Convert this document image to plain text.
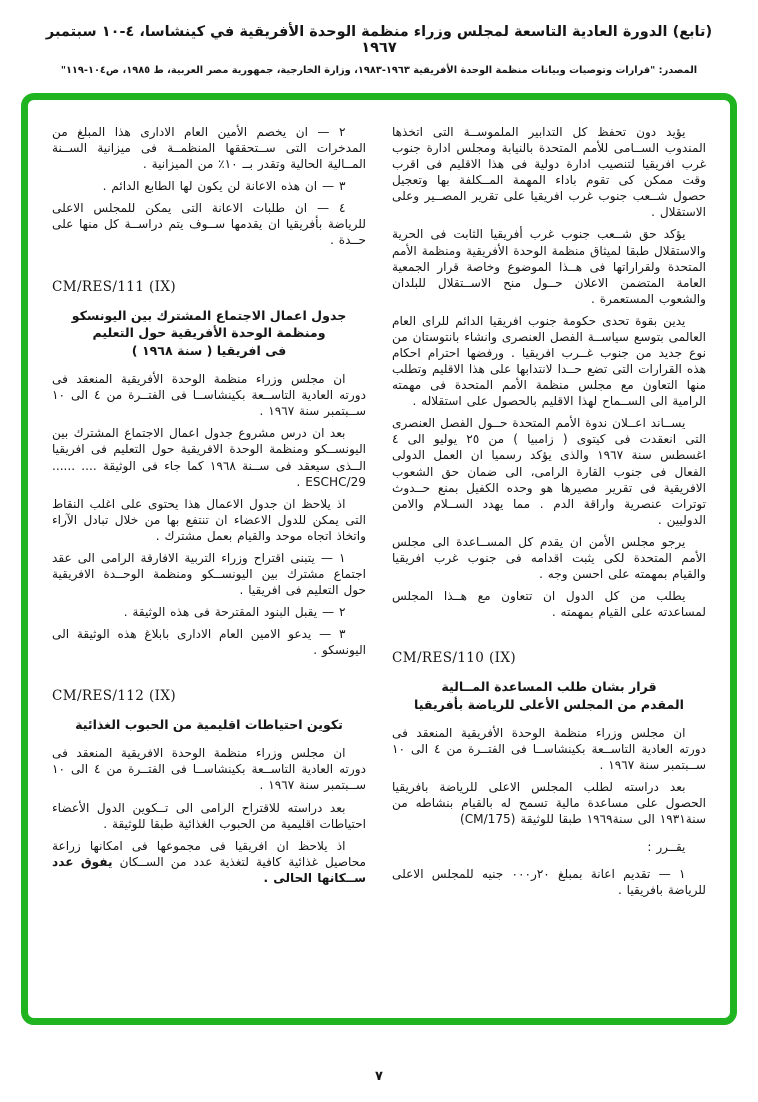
(تابع) الدورة العادية التاسعة لمجلس وزراء منظمة الوحدة الأفريقية في كينشاسا، ٤-١٠ سبتمبر ١٩٦٧
المصدر: "قرارات وتوصيات وبيانات منظمة الوحدة الأفريقية ١٩٦٣-١٩٨٣، وزارة الخارجية، جمهورية مصر العربية، ط ١٩٨٥، ص١٠٤-١١٩"

يؤيد دون تحفظ كل التدابير الملموســة التى اتخذها المندوب الســامى للأمم المتحدة بالنيابة ومجلس ادارة جنوب غرب افريقيا لتنصيب ادارة دولية فى هذا الاقليم فى اقرب وقت ممكن كى تقوم باداء المهمة المــكلفة بها وتعجيل حصول شــعب جنوب غرب افريقيا على تقرير المصــير وعلى الاستقلال .

يؤكد حق شــعب جنوب غرب أفريقيا الثابت فى الحرية والاستقلال طبقا لميثاق منظمة الوحدة الأفريقية ومنظمة الأمم المتحدة ولقراراتها فى هــذا الموضوع وخاصة قرار الجمعية العامة المتضمن الاعلان حــول منح الاســتقلال للبلدان والشعوب المستعمرة .

يدين بقوة تحدى حكومة جنوب افريقيا الدائم للراى العام العالمى بتوسع سياســة الفصل العنصرى وانشاء بانتوستان من نوع جديد من جنوب غــرب افريقيا . ورفضها احترام احكام هذه القرارات التى تضع حــدا لانتدابها على هذا الاقليم وتطلب منها التعاون مع مجلس منظمة الأمم المتحدة فى مهمته الرامية الى الســماح لهذا الاقليم بالحصول على استقلاله .

يســاند اعــلان ندوة الأمم المتحدة حــول الفصل العنصرى التى انعقدت فى كيتوى ( زامبيا ) من ٢٥ يوليو الى ٤ اغسطس سنة ١٩٦٧ والذى يؤكد رسميا ان العمل الدولى الفعال فى جنوب القارة الرامى، الى ضمان حق الشعوب الافريقية فى تقرير مصيرها هو وحده الكفيل بمنع حــدوث توترات عنصرية واراقة الدم . مما يهدد الســلام والامن الدوليين .

يرجو مجلس الأمن ان يقدم كل المســاعدة الى مجلس الأمم المتحدة لكى يثبت اقدامه فى جنوب غرب افريقيا والقيام بمهمته على احسن وجه .

يطلب من كل الدول ان تتعاون مع هــذا المجلس لمساعدته على القيام بمهمته .

CM/RES/110 (IX)
قرار بشان طلب المساعدة المــالية
المقدم من المجلس الأعلى للرياضة بأفريقيا

ان مجلس وزراء منظمة الوحدة الأفريقية المنعقد فى دورته العادية التاســعة بكينشاســا فى الفتــرة من ٤ الى ١٠ ســبتمبر سنة ١٩٦٧ .

بعد دراسته لطلب المجلس الاعلى للرياضة بافريقيا الحصول على مساعدة مالية تسمح له بالقيام بنشاطه من سنة١٩٣١ الى سنة١٩٦٩ طبقا للوثيقة (CM/175)

يقــرر :

١ — تقديم اعانة بمبلغ ٢٠ر٠٠٠ جنيه للمجلس الاعلى للرياضة بافريقيا .

٢ — ان يخصم الأمين العام الادارى هذا المبلغ من المدخرات التى ســتحققها المنظمــة فى ميزانية الســنة المــالية الحالية وتقدر بــ ١٠٪ من الميزانية .

٣ — ان هذه الاعانة لن يكون لها الطابع الدائم .

٤ — ان طلبات الاعانة التى يمكن للمجلس الاعلى للرياضة بأفريقيا ان يقدمها ســوف يتم دراســة كل منها على حــدة .

CM/RES/111 (IX)
جدول اعمال الاجتماع المشترك بين اليونسكو
ومنظمة الوحدة الأفريقية حول التعليم
فى افريقيا ( سنة ١٩٦٨ )

ان مجلس وزراء منظمة الوحدة الأفريقية المنعقد فى دورته العادية التاســعة بكينشاســا فى الفتــرة من ٤ الى ١٠ ســبتمبر سنة ١٩٦٧ .

بعد ان درس مشروع جدول اعمال الاجتماع المشترك بين اليونســكو ومنظمة الوحدة الافريقية حول التعليم فى افريقيا الــذى سيعقد فى ســنة ١٩٦٨ كما جاء فى الوثيقة .... ...... ESCHC/29 .

اذ يلاحظ ان جدول الاعمال هذا يحتوى على اغلب النقاط التى يمكن للدول الاعضاء ان تنتفع بها من خلال تبادل الآراء واتخاذ اتجاه موحد والقيام بعمل مشترك .

١ — يتبنى اقتراح وزراء التربية الافارقة الرامى الى عقد اجتماع مشترك بين اليونســكو ومنظمة الوحــدة الافريقية حول التعليم فى افريقيا .

٢ — يقبل البنود المقترحة فى هذه الوثيقة .

٣ — يدعو الامين العام الادارى بابلاغ هذه الوثيقة الى اليونسكو .

CM/RES/112 (IX)
تكوين احتياطات اقليمية من الحبوب الغذائية

ان مجلس وزراء منظمة الوحدة الافريقية المنعقد فى دورته العادية التاســعة بكينشاســا فى الفتــرة من ٤ الى ١٠ ســبتمبر سنة ١٩٦٧ .

بعد دراسته للاقتراح الرامى الى تــكوين الدول الأعضاء احتياطات اقليمية من الحبوب الغذائية طبقا للوثيقة .

اذ يلاحظ ان افريقيا فى مجموعها فى امكانها زراعة محاصيل غذائية كافية لتغذية عدد من الســكان يفوق عدد ســكانها الحالى .

٧
